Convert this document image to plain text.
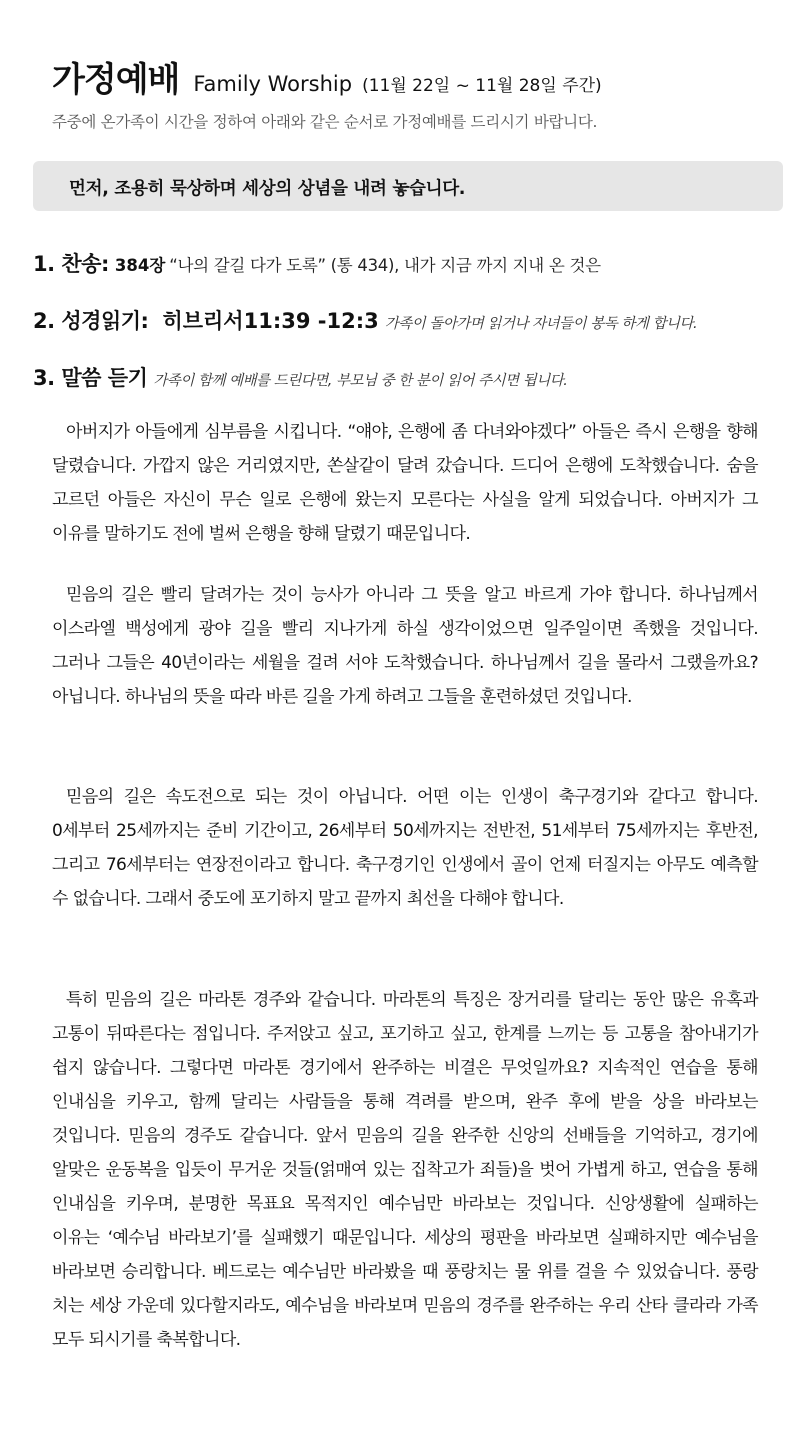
가정예배 Family Worship (11월 22일 ~ 11월 28일 주간)
주중에 온가족이 시간을 정하여 아래와 같은 순서로 가정예배를 드리시기 바랍니다.
먼저, 조용히 묵상하며 세상의 상념을 내려 놓습니다.
1. 찬송: 384장 “나의 갈길 다가 도록” (통 434), 내가 지금 까지 지내 온 것은
2. 성경읽기: 히브리서11:39 -12:3 가족이 돌아가며 읽거나 자녀들이 봉독 하게 합니다.
3. 말씀 듣기 가족이 함께 예배를 드린다면, 부모님 중 한 분이 읽어 주시면 됩니다.

아버지가 아들에게 심부름을 시킵니다. “얘야, 은행에 좀 다녀와야겠다” 아들은 즉시 은행을 향해 달렸습니다. 가깝지 않은 거리였지만, 쏜살같이 달려 갔습니다. 드디어 은행에 도착했습니다. 숨을 고르던 아들은 자신이 무슨 일로 은행에 왔는지 모른다는 사실을 알게 되었습니다. 아버지가 그 이유를 말하기도 전에 벌써 은행을 향해 달렸기 때문입니다.

믿음의 길은 빨리 달려가는 것이 능사가 아니라 그 뜻을 알고 바르게 가야 합니다. 하나님께서 이스라엘 백성에게 광야 길을 빨리 지나가게 하실 생각이었으면 일주일이면 족했을 것입니다. 그러나 그들은 40년이라는 세월을 걸려 서야 도착했습니다. 하나님께서 길을 몰라서 그랬을까요? 아닙니다. 하나님의 뜻을 따라 바른 길을 가게 하려고 그들을 훈련하셨던 것입니다.

믿음의 길은 속도전으로 되는 것이 아닙니다. 어떤 이는 인생이 축구경기와 같다고 합니다. 0세부터 25세까지는 준비 기간이고, 26세부터 50세까지는 전반전, 51세부터 75세까지는 후반전, 그리고 76세부터는 연장전이라고 합니다. 축구경기인 인생에서 골이 언제 터질지는 아무도 예측할 수 없습니다. 그래서 중도에 포기하지 말고 끝까지 최선을 다해야 합니다.

특히 믿음의 길은 마라톤 경주와 같습니다. 마라톤의 특징은 장거리를 달리는 동안 많은 유혹과 고통이 뒤따른다는 점입니다. 주저앉고 싶고, 포기하고 싶고, 한계를 느끼는 등 고통을 참아내기가 쉽지 않습니다. 그렇다면 마라톤 경기에서 완주하는 비결은 무엇일까요? 지속적인 연습을 통해 인내심을 키우고, 함께 달리는 사람들을 통해 격려를 받으며, 완주 후에 받을 상을 바라보는 것입니다. 믿음의 경주도 같습니다. 앞서 믿음의 길을 완주한 신앙의 선배들을 기억하고, 경기에 알맞은 운동복을 입듯이 무거운 것들(얽매여 있는 집착고가 죄들)을 벗어 가볍게 하고, 연습을 통해 인내심을 키우며, 분명한 목표요 목적지인 예수님만 바라보는 것입니다. 신앙생활에 실패하는 이유는 ‘예수님 바라보기’를 실패했기 때문입니다. 세상의 평판을 바라보면 실패하지만 예수님을 바라보면 승리합니다. 베드로는 예수님만 바라봤을 때 풍랑치는 물 위를 걸을 수 있었습니다. 풍랑 치는 세상 가운데 있다할지라도, 예수님을 바라보며 믿음의 경주를 완주하는 우리 산타 클라라 가족 모두 되시기를 축복합니다.
